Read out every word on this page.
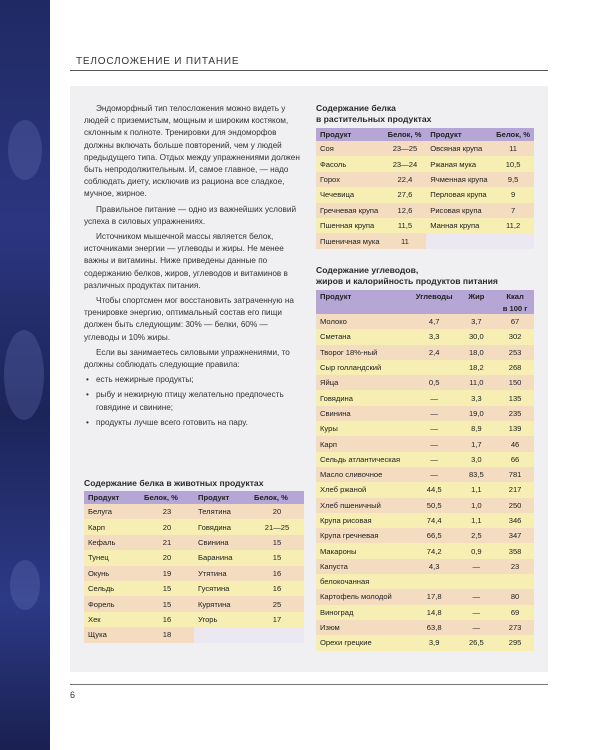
ТЕЛОСЛОЖЕНИЕ И ПИТАНИЕ

Эндоморфный тип телосложения можно видеть у людей с приземистым, мощным и широким костяком, склонным к полноте. Тренировки для эндоморфов должны включать больше повторений, чем у людей предыдущего типа. Отдых между упражнениями должен быть непродолжительным. И, самое главное, — надо соблюдать диету, исключив из рациона все сладкое, мучное, жирное.

Правильное питание — одно из важнейших условий успеха в силовых упражнениях.

Источником мышечной массы является белок, источниками энергии — углеводы и жиры. Не менее важны и витамины. Ниже приведены данные по содержанию белков, жиров, углеводов и витаминов в различных продуктах питания.

Чтобы спортсмен мог восстановить затраченную на тренировке энергию, оптимальный состав его пищи должен быть следующим: 30% — белки, 60% — углеводы и 10% жиры.

Если вы занимаетесь силовыми упражнениями, то должны соблюдать следующие правила:

• есть нежирные продукты;
• рыбу и нежирную птицу желательно предпочесть говядине и свинине;
• продукты лучше всего готовить на пару.
Содержание белка в животных продуктах
Продукт	Белок, %	Продукт	Белок, %
Белуга	23	Телятина	20
Карп	20	Говядина	21—25
Кефаль	21	Свинина	15
Тунец	20	Баранина	15
Окунь	19	Утятина	16
Сельдь	15	Гусятина	16
Форель	15	Курятина	25
Хек	16	Угорь	17
Щука	18		
Содержание белка
в растительных продуктах
Продукт	Белок, %	Продукт	Белок, %
Соя	23—25	Овсяная крупа	11
Фасоль	23—24	Ржаная мука	10,5
Горох	22,4	Ячменная крупа	9,5
Чечевица	27,6	Перловая крупа	9
Гречневая крупа	12,6	Рисовая крупа	7
Пшенная крупа	11,5	Манная крупа	11,2
Пшеничная мука	11		
Содержание углеводов,
жиров и калорийность продуктов питания
Продукт	Углеводы	Жир	Ккал
			в 100 г
Молоко	4,7	3,7	67
Сметана	3,3	30,0	302
Творог 18%-ный	2,4	18,0	253
Сыр голландский		18,2	268
Яйца	0,5	11,0	150
Говядина	—	3,3	135
Свинина	—	19,0	235
Куры	—	8,9	139
Карп	—	1,7	46
Сельдь атлантическая	—	3,0	66
Масло сливочное	—	83,5	781
Хлеб ржаной	44,5	1,1	217
Хлеб пшеничный	50,5	1,0	250
Крупа рисовая	74,4	1,1	346
Крупа гречневая	66,5	2,5	347
Макароны	74,2	0,9	358
Капуста	4,3	—	23
белокочанная			
Картофель молодой	17,8	—	80
Виноград	14,8	—	69
Изюм	63,8	—	273
Орехи грецкие	3,9	26,5	295
6
